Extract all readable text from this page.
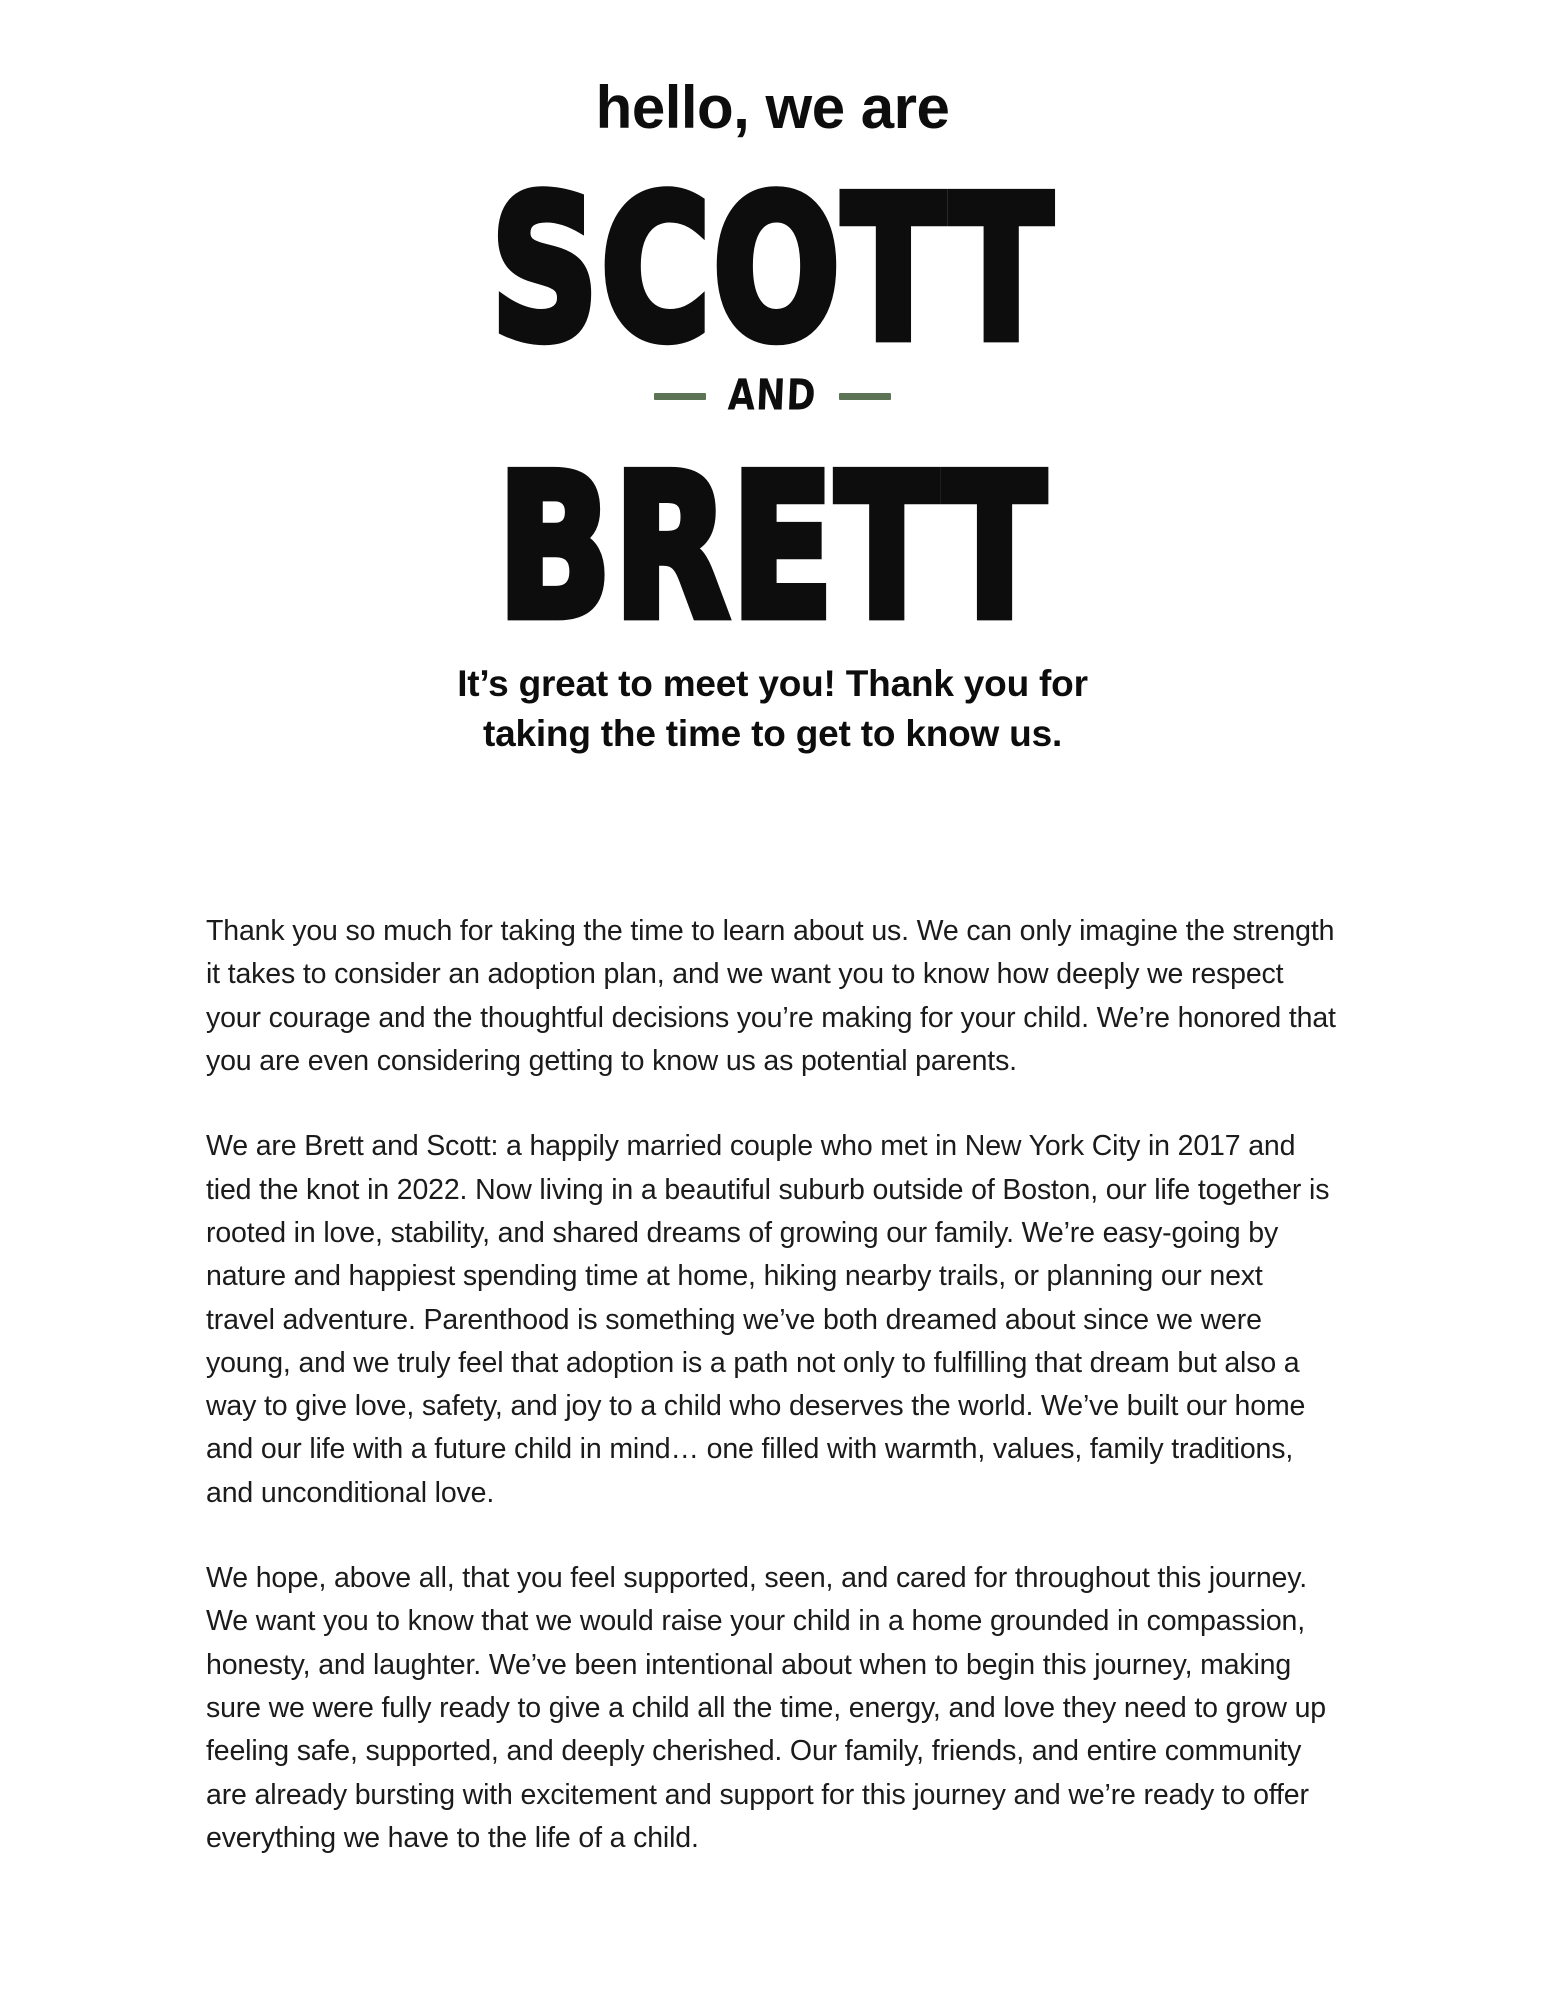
hello, we are
SCOTT
AND
BRETT
It’s great to meet you! Thank you for
taking the time to get to know us.

Thank you so much for taking the time to learn about us. We can only imagine the strength it takes to consider an adoption plan, and we want you to know how deeply we respect your courage and the thoughtful decisions you’re making for your child. We’re honored that you are even considering getting to know us as potential parents.

We are Brett and Scott: a happily married couple who met in New York City in 2017 and tied the knot in 2022. Now living in a beautiful suburb outside of Boston, our life together is rooted in love, stability, and shared dreams of growing our family. We’re easy-going by nature and happiest spending time at home, hiking nearby trails, or planning our next travel adventure. Parenthood is something we’ve both dreamed about since we were young, and we truly feel that adoption is a path not only to fulfilling that dream but also a way to give love, safety, and joy to a child who deserves the world. We’ve built our home and our life with a future child in mind… one filled with warmth, values, family traditions, and unconditional love.

We hope, above all, that you feel supported, seen, and cared for throughout this journey. We want you to know that we would raise your child in a home grounded in compassion, honesty, and laughter. We’ve been intentional about when to begin this journey, making sure we were fully ready to give a child all the time, energy, and love they need to grow up feeling safe, supported, and deeply cherished. Our family, friends, and entire community are already bursting with excitement and support for this journey and we’re ready to offer everything we have to the life of a child.
